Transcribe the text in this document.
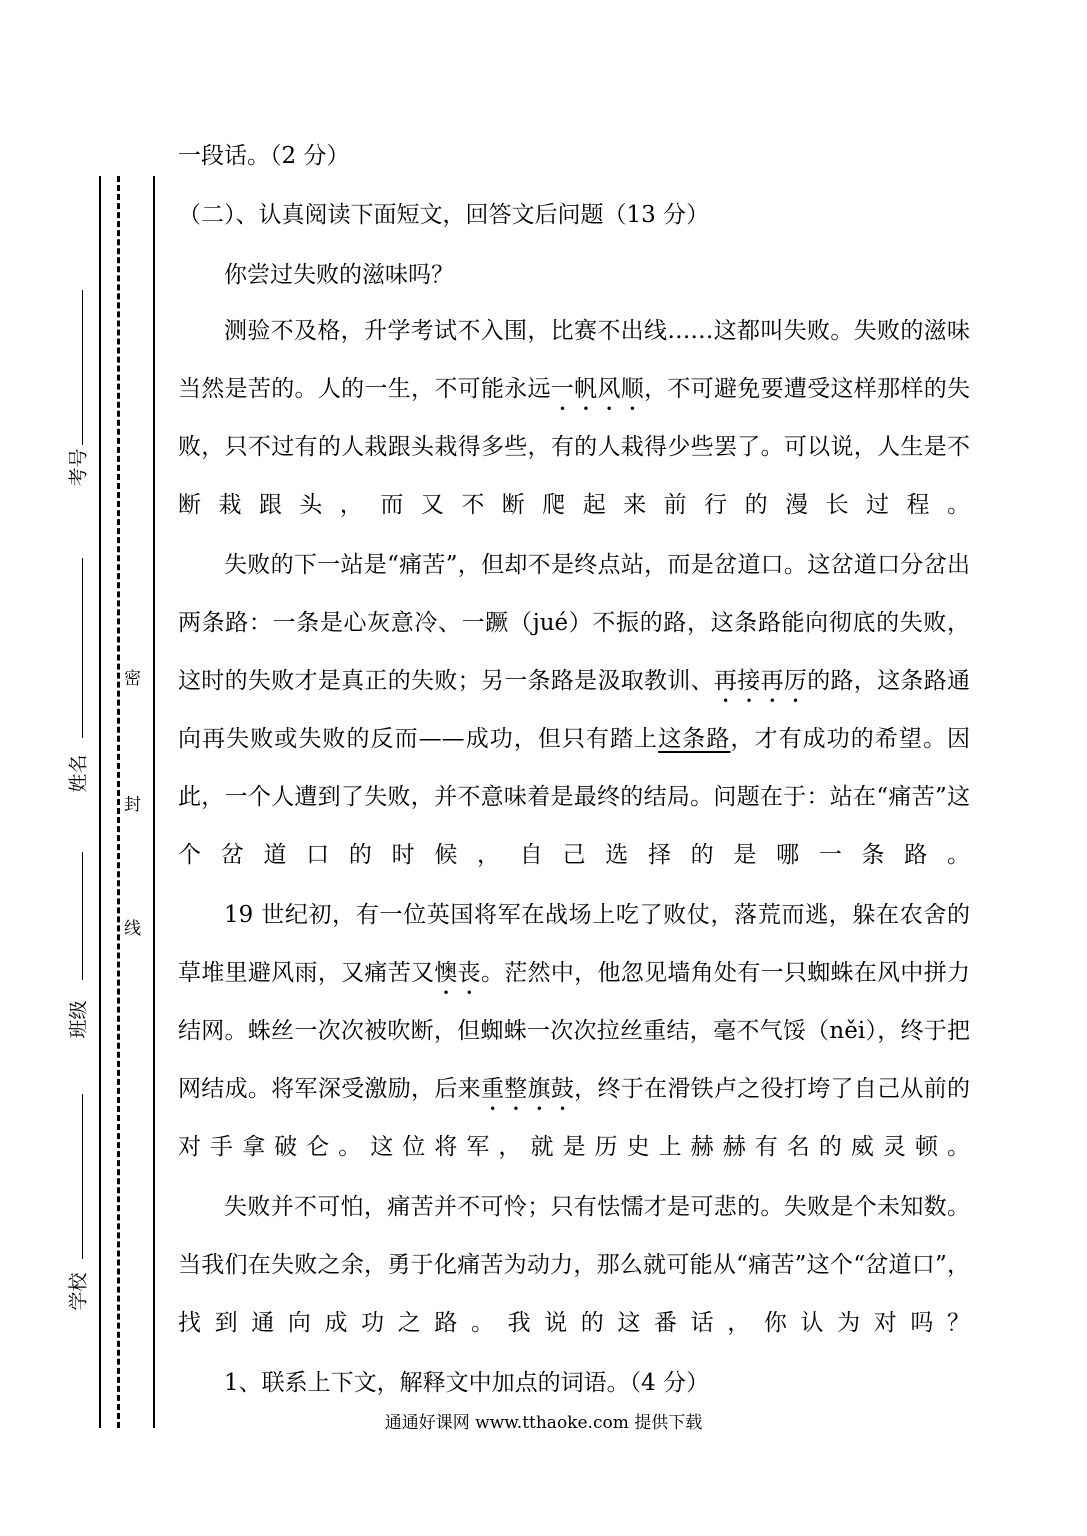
考号
姓名
班级
学校
密
封
线
一段话。（2 分）
（二）、认真阅读下面短文，回答文后问题（13 分）
你尝过失败的滋味吗？
测验不及格，升学考试不入围，比赛不出线……这都叫失败。失败的滋味当然是苦的。人的一生，不可能永远一帆风顺，不可避免要遭受这样那样的失败，只不过有的人栽跟头栽得多些，有的人栽得少些罢了。可以说，人生是不断栽跟头，而又不断爬起来前行的漫长过程。
失败的下一站是“痛苦”，但却不是终点站，而是岔道口。这岔道口分岔出两条路：一条是心灰意冷、一蹶（jué）不振的路，这条路能向彻底的失败，这时的失败才是真正的失败；另一条路是汲取教训、再接再厉的路，这条路通向再失败或失败的反而——成功，但只有踏上这条路，才有成功的希望。因此，一个人遭到了失败，并不意味着是最终的结局。问题在于：站在“痛苦”这个岔道口的时候，自己选择的是哪一条路。
19 世纪初，有一位英国将军在战场上吃了败仗，落荒而逃，躲在农舍的草堆里避风雨，又痛苦又懊丧。茫然中，他忽见墙角处有一只蜘蛛在风中拼力结网。蛛丝一次次被吹断，但蜘蛛一次次拉丝重结，毫不气馁（něi），终于把网结成。将军深受激励，后来重整旗鼓，终于在滑铁卢之役打垮了自己从前的对手拿破仑。这位将军，就是历史上赫赫有名的威灵顿。
失败并不可怕，痛苦并不可怜；只有怯懦才是可悲的。失败是个未知数。当我们在失败之余，勇于化痛苦为动力，那么就可能从“痛苦”这个“岔道口”，找到通向成功之路。我说的这番话，你认为对吗？
1、联系上下文，解释文中加点的词语。（4 分）
通通好课网 www.tthaoke.com 提供下载
